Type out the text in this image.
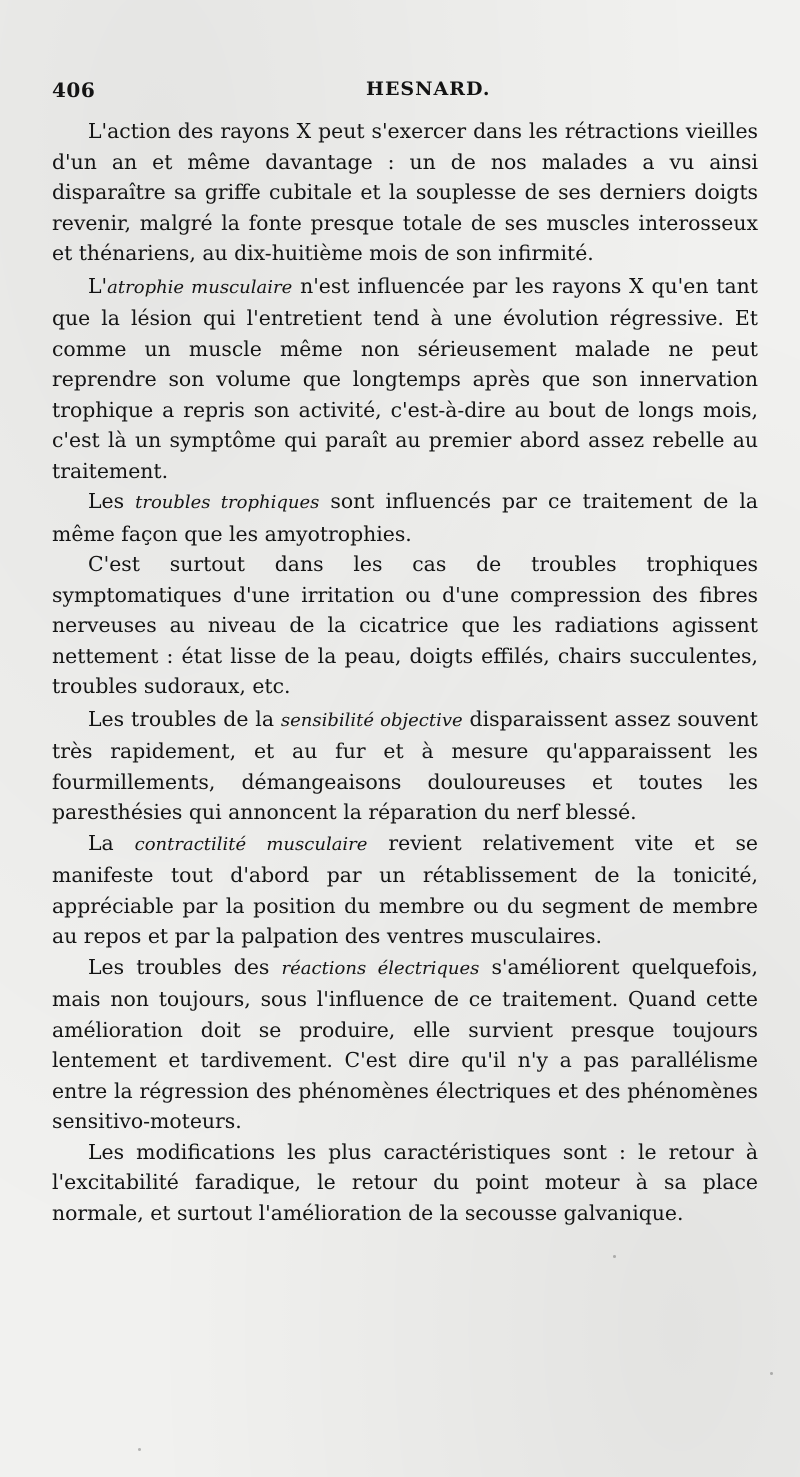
406	HESNARD.

L'action des rayons X peut s'exercer dans les rétractions vieilles d'un an et même davantage : un de nos malades a vu ainsi disparaître sa griffe cubitale et la souplesse de ses derniers doigts revenir, malgré la fonte presque totale de ses muscles interosseux et thénariens, au dix-huitième mois de son infirmité.

L'atrophie musculaire n'est influencée par les rayons X qu'en tant que la lésion qui l'entretient tend à une évolution régressive. Et comme un muscle même non sérieusement malade ne peut reprendre son volume que longtemps après que son innervation trophique a repris son activité, c'est-à-dire au bout de longs mois, c'est là un symptôme qui paraît au premier abord assez rebelle au traitement.

Les troubles trophiques sont influencés par ce traitement de la même façon que les amyotrophies.

C'est surtout dans les cas de troubles trophiques symptomatiques d'une irritation ou d'une compression des fibres nerveuses au niveau de la cicatrice que les radiations agissent nettement : état lisse de la peau, doigts effilés, chairs succulentes, troubles sudoraux, etc.

Les troubles de la sensibilité objective disparaissent assez souvent très rapidement, et au fur et à mesure qu'apparaissent les fourmillements, démangeaisons douloureuses et toutes les paresthésies qui annoncent la réparation du nerf blessé.

La contractilité musculaire revient relativement vite et se manifeste tout d'abord par un rétablissement de la tonicité, appréciable par la position du membre ou du segment de membre au repos et par la palpation des ventres musculaires.

Les troubles des réactions électriques s'améliorent quelquefois, mais non toujours, sous l'influence de ce traitement. Quand cette amélioration doit se produire, elle survient presque toujours lentement et tardivement. C'est dire qu'il n'y a pas parallélisme entre la régression des phénomènes électriques et des phénomènes sensitivo-moteurs.

Les modifications les plus caractéristiques sont : le retour à l'excitabilité faradique, le retour du point moteur à sa place normale, et surtout l'amélioration de la secousse galvanique.
